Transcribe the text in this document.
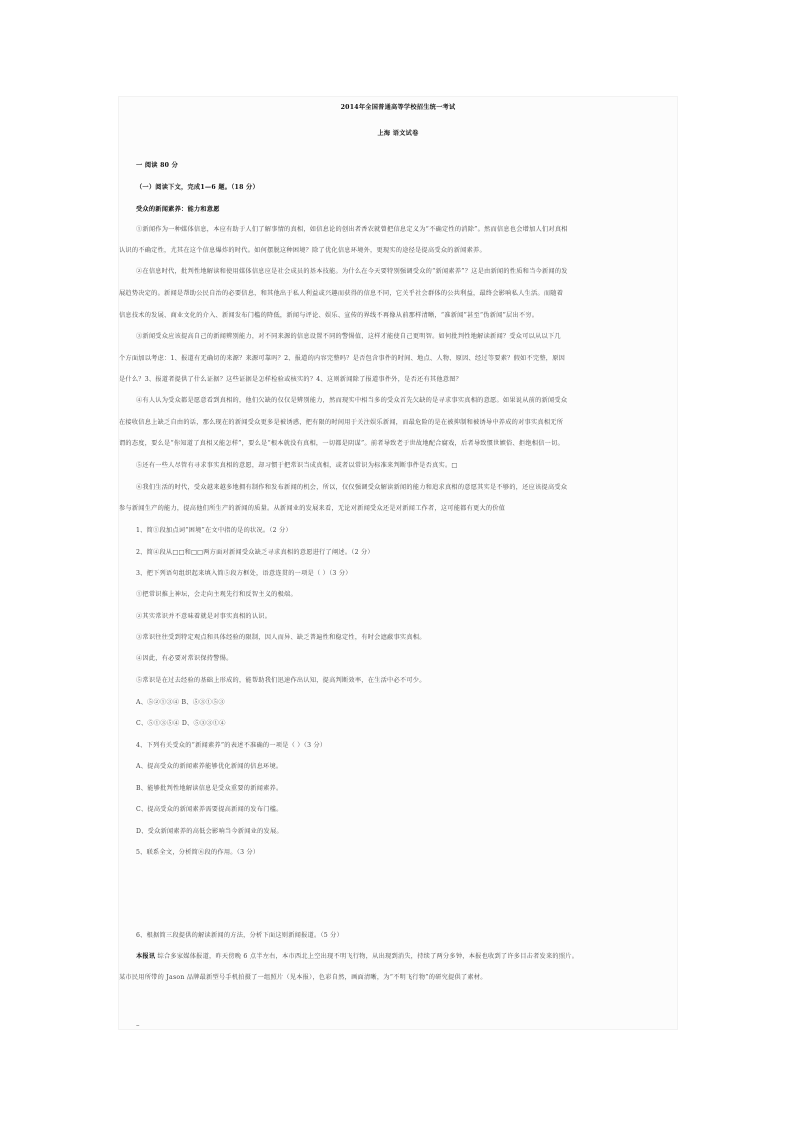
2014年全国普通高等学校招生统一考试
上海 语文试卷
一 阅读 80 分
（一）阅读下文，完成1—6 题。（18 分）
受众的新闻素养：能力和意愿
①新闻作为一种媒体信息，本应有助于人们了解事情的真相，如信息论的创出者香农就曾把信息定义为“不确定性的消除”。然而信息也会增加人们对真相
认识的不确定性，尤其在这个信息爆炸的时代。如何摆脱这种困境？除了优化信息环境外，更现实的途径是提高受众的新闻素养。
②在信息时代，批判性地解读和使用媒体信息应是社会成员的基本技能。为什么在今天要特别强调受众的“新闻素养”？这是由新闻的性质和当今新闻的发
展趋势决定的。新闻是帮助公民自治的必要信息，和其他出于私人利益或兴趣而获得的信息不同，它关乎社会群体的公共利益，最终会影响私人生活。而随着
信息技术的发展、商业文化的介入、新闻发布门槛的降低，新闻与评论、娱乐、宣传的界线不再像从前那样清晰，“准新闻”甚至“伪新闻”层出不穷。
③新闻受众应该提高自己的新闻辨别能力，对不同来源的信息设置不同的警惕值，这样才能使自己更明智。如何批判性地解读新闻？受众可以从以下几
个方面加以考虑：1、报道有无确切的来源？来源可靠吗？2、报道的内容完整吗？是否包含事件的时间、地点、人物、原因、经过等要素？假如不完整，原因
是什么？3、报道者提供了什么证据？这些证据是怎样检验或核实的？4、这则新闻除了报道事件外，是否还有其他意图？
④有人认为受众都是愿意看到真相的，他们欠缺的仅仅是辨别能力，然而现实中相当多的受众首先欠缺的是寻求事实真相的意愿。如果说从前的新闻受众
在接收信息上缺乏自由的话，那么现在的新闻受众更多是被诱惑，把有限的时间用于关注娱乐新闻，而最危险的是在被抑制和被诱导中养成的对事实真相无所
谓的态度，要么是“你知道了真相又能怎样”，要么是“根本就没有真相，一切都是阴谋”。前者导致老于世故地配合腐戏，后者导致惯世嫉俗、拒绝相信一切。
⑤还有一些人尽管有寻求事实真相的意愿，却习惯于把常识当成真相，或者以常识为标准来判断事件是否真实。□
⑥我们生活的时代，受众越来越多地拥有制作和发布新闻的机会，所以，仅仅强调受众解读新闻的能力和追求真相的意愿其实是不够的，还应该提高受众
参与新闻生产的能力，提高他们所生产的新闻的质量。从新闻业的发展来看，无论对新闻受众还是对新闻工作者，这可能都有更大的价值
1、简①段加点词“困境”在文中指的是的状况。（2 分）
2、简④段从□□和□□两方面对新闻受众缺乏寻求真相的意愿进行了阐述。（2 分）
3、把下列语句组织起来填入简⑤段方框处，语意连贯的一项是（ ）（3 分）
①把常识推上神坛，会走向主观先行和反智主义的极端。
②其实常识并不意味着就是对事实真相的认识。
③常识往往受到特定观点和具体经验的限制，因人而异、缺乏普遍性和稳定性，有时会遮蔽事实真相。
④因此，有必要对常识保持警惕。
⑤常识是在过去经验的基础上形成的，能帮助我们迅速作出认知，提高判断效率，在生活中必不可少。
A、⑤②①③④ B、⑤③①⑤③
C、⑤①③⑤④ D、⑤③③①④
4、下列有关受众的“新闻素养”的表述不准确的一项是（ ）（3 分）
A、提高受众的新闻素养能够优化新闻的信息环境。
B、能够批判性地解读信息是受众重要的新闻素养。
C、提高受众的新闻素养需要提高新闻的发布门槛。
D、受众新闻素养的高低会影响当今新闻业的发展。
5、联系全文，分析简⑥段的作用。（3 分）
6、根据简三段提供的解读新闻的方法，分析下面这则新闻报道。（5 分）
本报讯 综合多家媒体报道，昨天傍晚 6 点半左右，本市西北上空出现不明飞行物，从出现到消失，持续了两分多钟，本报也收到了许多目击者发来的照片。
某市民用所带的 Jason 品牌最新型号手机拍摄了一组照片（见本报），色彩自然，画面清晰，为“不明飞行物”的研究提供了素材。
–
